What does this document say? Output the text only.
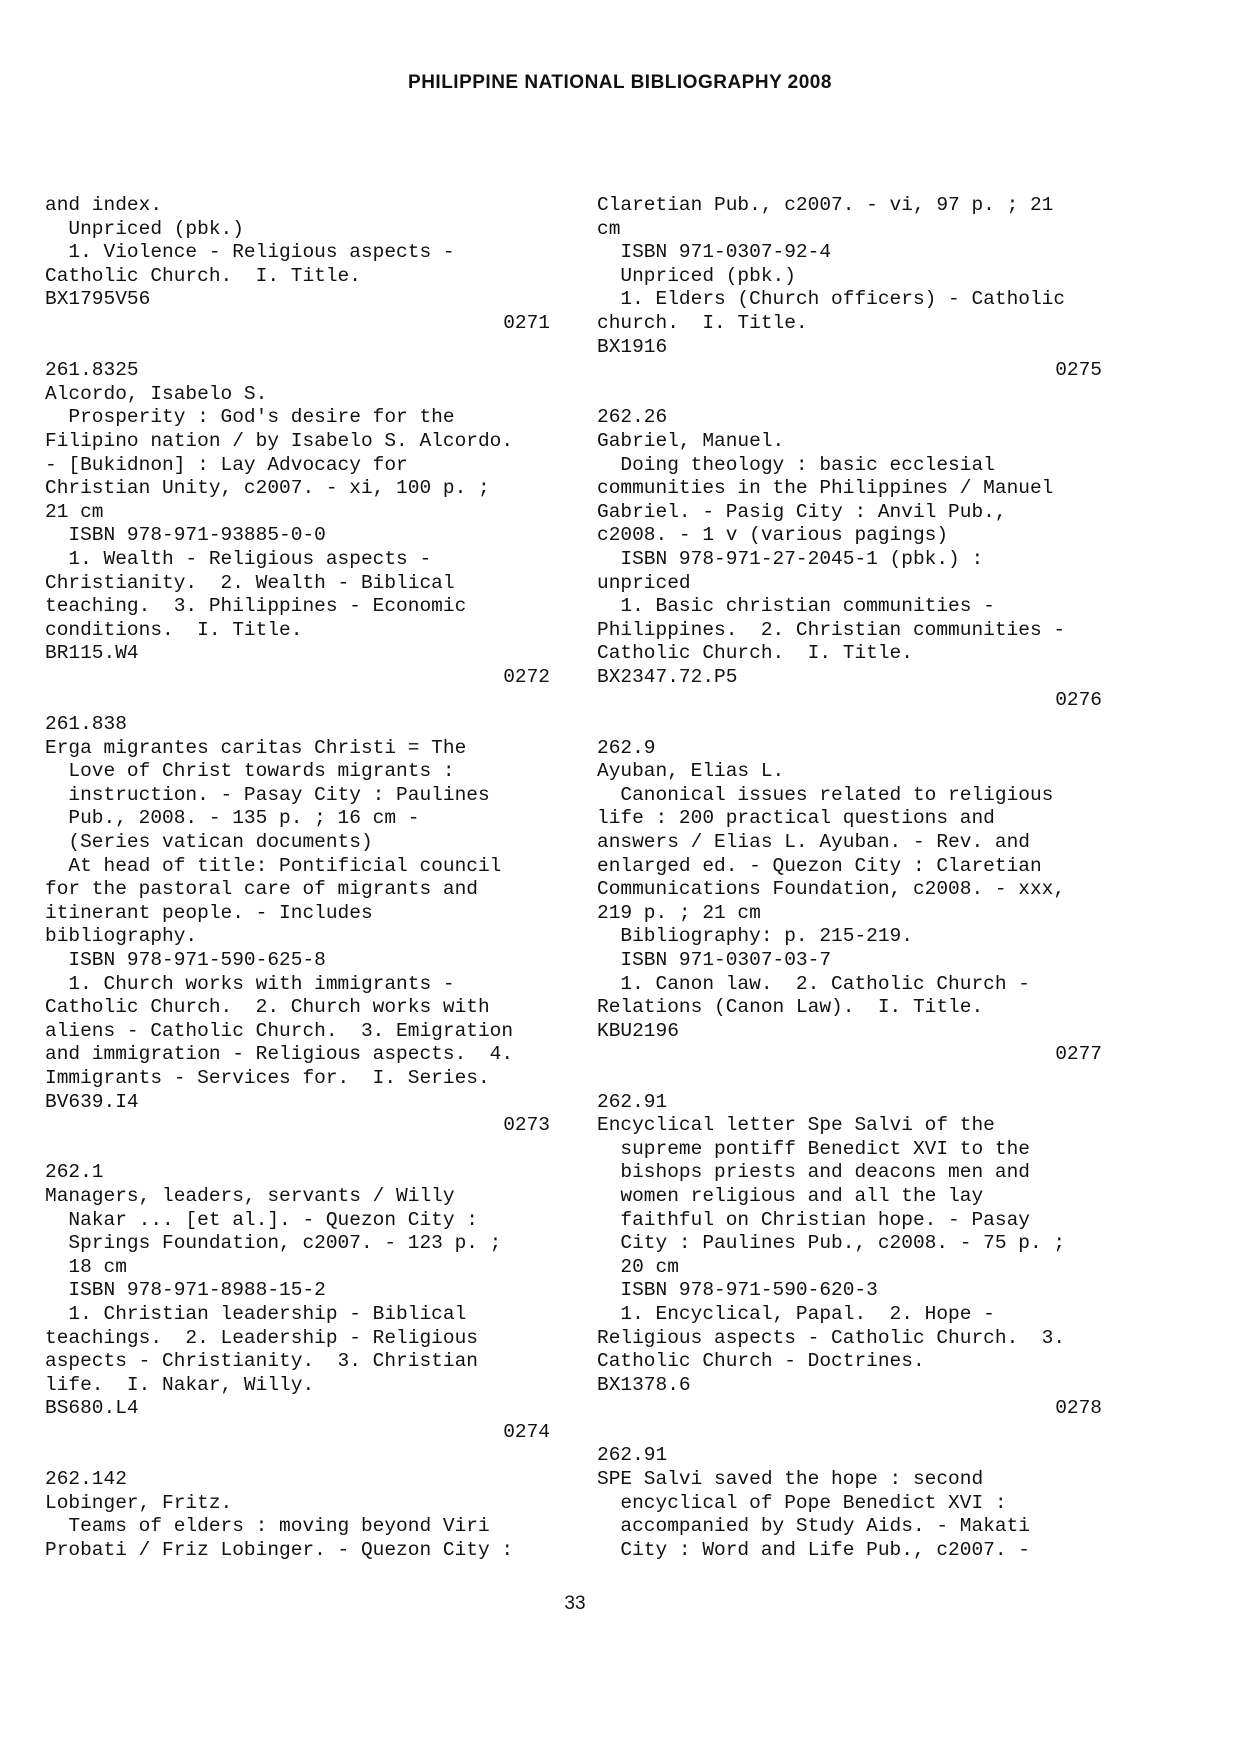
PHILIPPINE NATIONAL BIBLIOGRAPHY 2008
and index.
Unpriced (pbk.)
1. Violence - Religious aspects -
Catholic Church.  I. Title.
BX1795V56
0271
261.8325
Alcordo, Isabelo S.
Prosperity : God's desire for the
Filipino nation / by Isabelo S. Alcordo.
- [Bukidnon] : Lay Advocacy for
Christian Unity, c2007. - xi, 100 p. ;
21 cm
ISBN 978-971-93885-0-0
1. Wealth - Religious aspects -
Christianity.  2. Wealth - Biblical
teaching.  3. Philippines - Economic
conditions.  I. Title.
BR115.W4
0272
261.838
Erga migrantes caritas Christi = The
Love of Christ towards migrants :
instruction. - Pasay City : Paulines
Pub., 2008. - 135 p. ; 16 cm -
(Series vatican documents)
At head of title: Pontificial council
for the pastoral care of migrants and
itinerant people. - Includes
bibliography.
ISBN 978-971-590-625-8
1. Church works with immigrants -
Catholic Church.  2. Church works with
aliens - Catholic Church.  3. Emigration
and immigration - Religious aspects.  4.
Immigrants - Services for.  I. Series.
BV639.I4
0273
262.1
Managers, leaders, servants / Willy
Nakar ... [et al.]. - Quezon City :
Springs Foundation, c2007. - 123 p. ;
18 cm
ISBN 978-971-8988-15-2
1. Christian leadership - Biblical
teachings.  2. Leadership - Religious
aspects - Christianity.  3. Christian
life.  I. Nakar, Willy.
BS680.L4
0274
262.142
Lobinger, Fritz.
Teams of elders : moving beyond Viri
Probati / Friz Lobinger. - Quezon City :
Claretian Pub., c2007. - vi, 97 p. ; 21
cm
ISBN 971-0307-92-4
Unpriced (pbk.)
1. Elders (Church officers) - Catholic
church.  I. Title.
BX1916
0275
262.26
Gabriel, Manuel.
Doing theology : basic ecclesial
communities in the Philippines / Manuel
Gabriel. - Pasig City : Anvil Pub.,
c2008. - 1 v (various pagings)
ISBN 978-971-27-2045-1 (pbk.) :
unpriced
1. Basic christian communities -
Philippines.  2. Christian communities -
Catholic Church.  I. Title.
BX2347.72.P5
0276
262.9
Ayuban, Elias L.
Canonical issues related to religious
life : 200 practical questions and
answers / Elias L. Ayuban. - Rev. and
enlarged ed. - Quezon City : Claretian
Communications Foundation, c2008. - xxx,
219 p. ; 21 cm
Bibliography: p. 215-219.
ISBN 971-0307-03-7
1. Canon law.  2. Catholic Church -
Relations (Canon Law).  I. Title.
KBU2196
0277
262.91
Encyclical letter Spe Salvi of the
supreme pontiff Benedict XVI to the
bishops priests and deacons men and
women religious and all the lay
faithful on Christian hope. - Pasay
City : Paulines Pub., c2008. - 75 p. ;
20 cm
ISBN 978-971-590-620-3
1. Encyclical, Papal.  2. Hope -
Religious aspects - Catholic Church.  3.
Catholic Church - Doctrines.
BX1378.6
0278
262.91
SPE Salvi saved the hope : second
encyclical of Pope Benedict XVI :
accompanied by Study Aids. - Makati
City : Word and Life Pub., c2007. -
33
